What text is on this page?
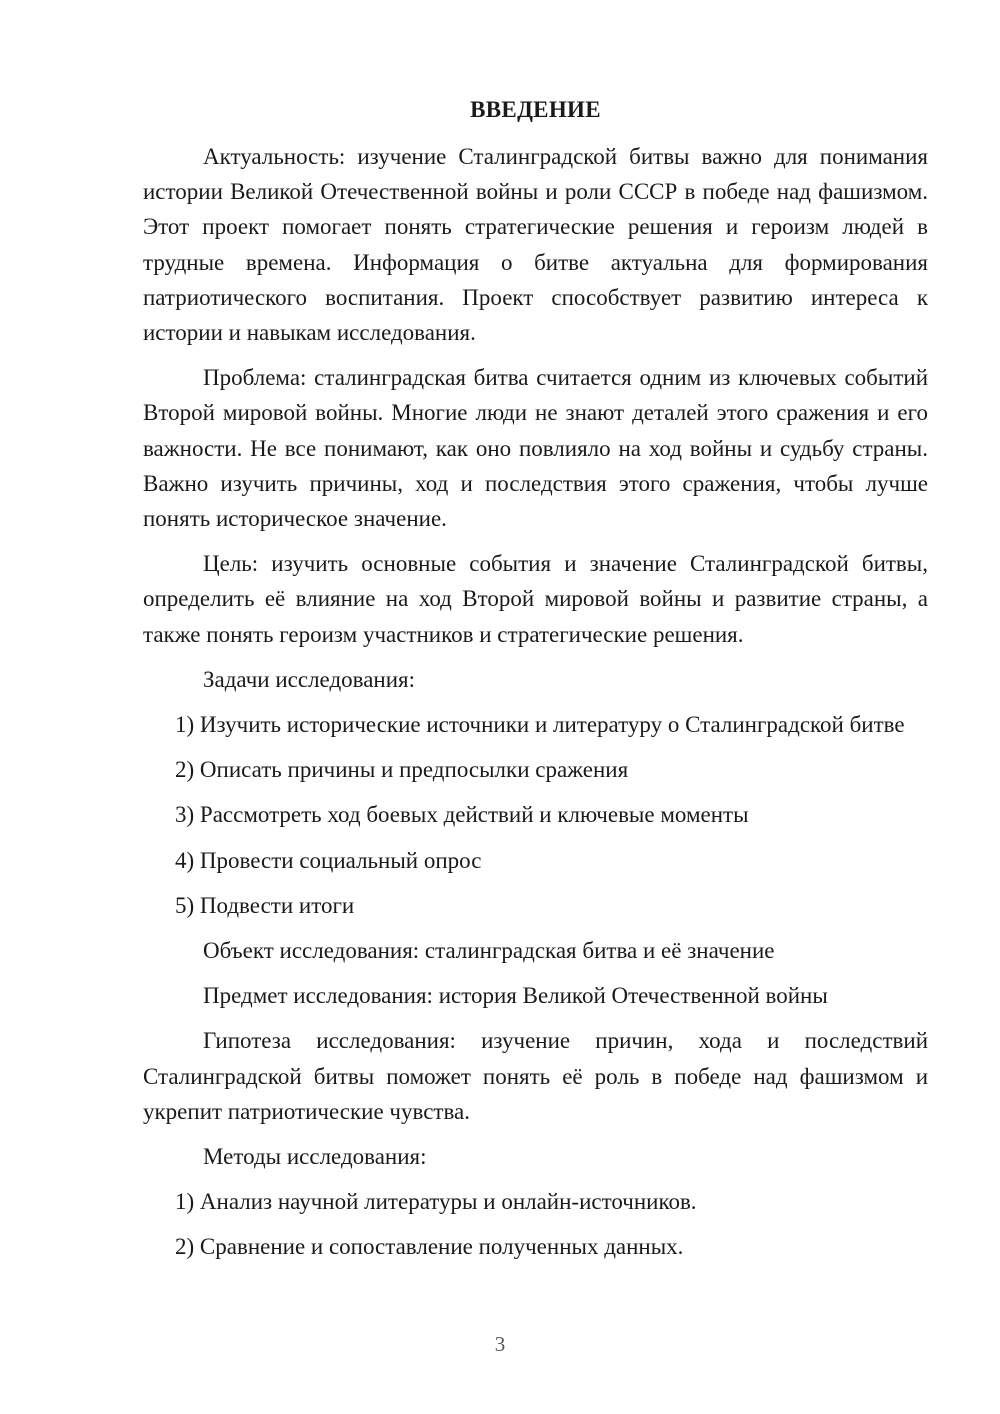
ВВЕДЕНИЕ

Актуальность: изучение Сталинградской битвы важно для понимания истории Великой Отечественной войны и роли СССР в победе над фашизмом. Этот проект помогает понять стратегические решения и героизм людей в трудные времена. Информация о битве актуальна для формирования патриотического воспитания. Проект способствует развитию интереса к истории и навыкам исследования.

Проблема: сталинградская битва считается одним из ключевых событий Второй мировой войны. Многие люди не знают деталей этого сражения и его важности. Не все понимают, как оно повлияло на ход войны и судьбу страны. Важно изучить причины, ход и последствия этого сражения, чтобы лучше понять историческое значение.

Цель: изучить основные события и значение Сталинградской битвы, определить её влияние на ход Второй мировой войны и развитие страны, а также понять героизм участников и стратегические решения.

Задачи исследования:

1) Изучить исторические источники и литературу о Сталинградской битве

2) Описать причины и предпосылки сражения

3) Рассмотреть ход боевых действий и ключевые моменты

4) Провести социальный опрос

5) Подвести итоги

Объект исследования: сталинградская битва и её значение

Предмет исследования: история Великой Отечественной войны

Гипотеза исследования: изучение причин, хода и последствий Сталинградской битвы поможет понять её роль в победе над фашизмом и укрепит патриотические чувства.

Методы исследования:

1) Анализ научной литературы и онлайн-источников.

2) Сравнение и сопоставление полученных данных.

3
